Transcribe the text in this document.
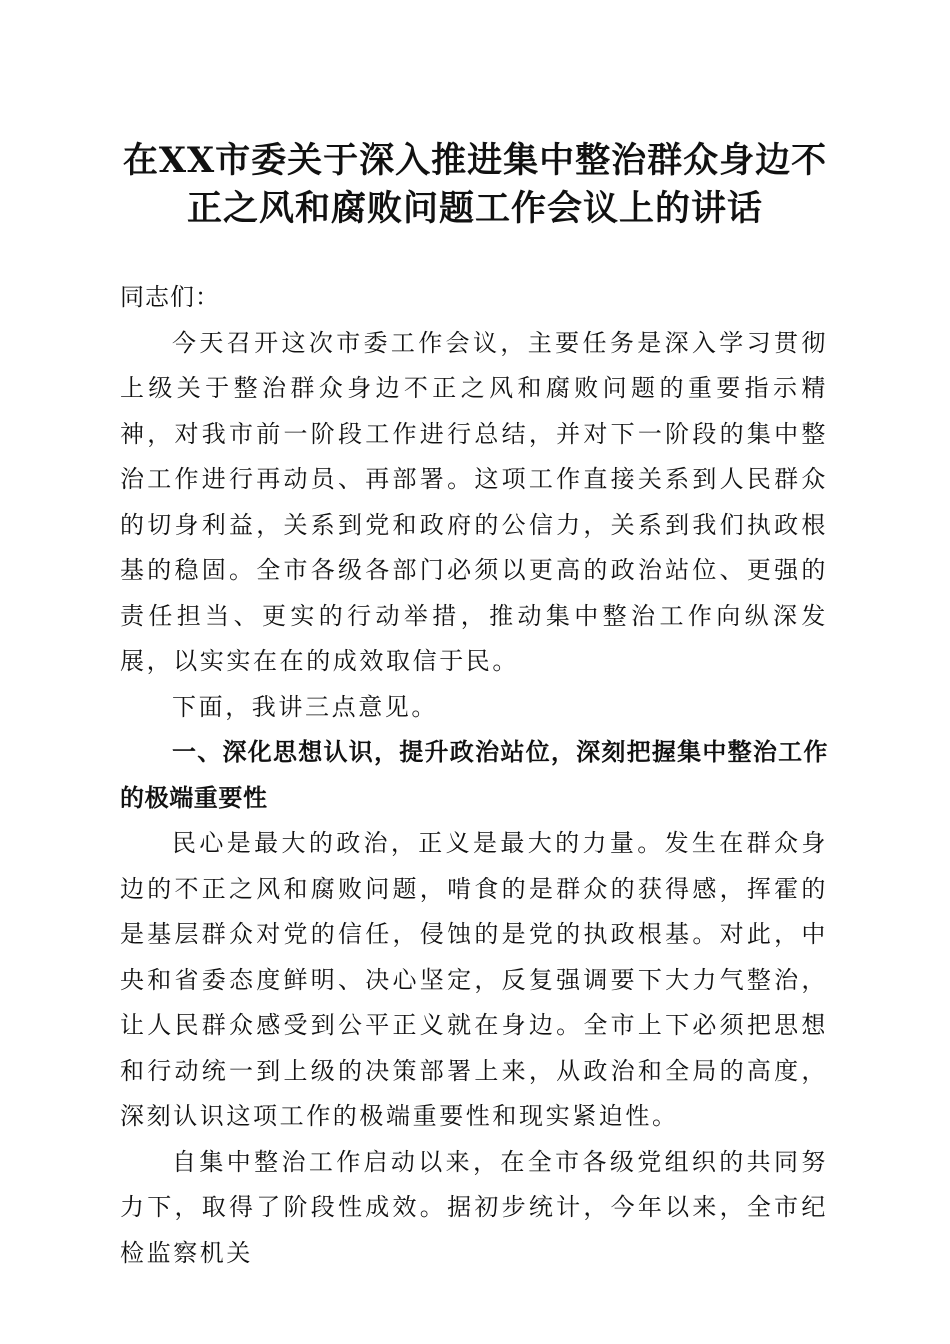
在XX市委关于深入推进集中整治群众身边不
正之风和腐败问题工作会议上的讲话

同志们：

今天召开这次市委工作会议，主要任务是深入学习贯彻上级关于整治群众身边不正之风和腐败问题的重要指示精神，对我市前一阶段工作进行总结，并对下一阶段的集中整治工作进行再动员、再部署。这项工作直接关系到人民群众的切身利益，关系到党和政府的公信力，关系到我们执政根基的稳固。全市各级各部门必须以更高的政治站位、更强的责任担当、更实的行动举措，推动集中整治工作向纵深发展，以实实在在的成效取信于民。

下面，我讲三点意见。

一、深化思想认识，提升政治站位，深刻把握集中整治工作的极端重要性

民心是最大的政治，正义是最大的力量。发生在群众身边的不正之风和腐败问题，啃食的是群众的获得感，挥霍的是基层群众对党的信任，侵蚀的是党的执政根基。对此，中央和省委态度鲜明、决心坚定，反复强调要下大力气整治，让人民群众感受到公平正义就在身边。全市上下必须把思想和行动统一到上级的决策部署上来，从政治和全局的高度，深刻认识这项工作的极端重要性和现实紧迫性。

自集中整治工作启动以来，在全市各级党组织的共同努力下，取得了阶段性成效。据初步统计，今年以来，全市纪检监察机关
